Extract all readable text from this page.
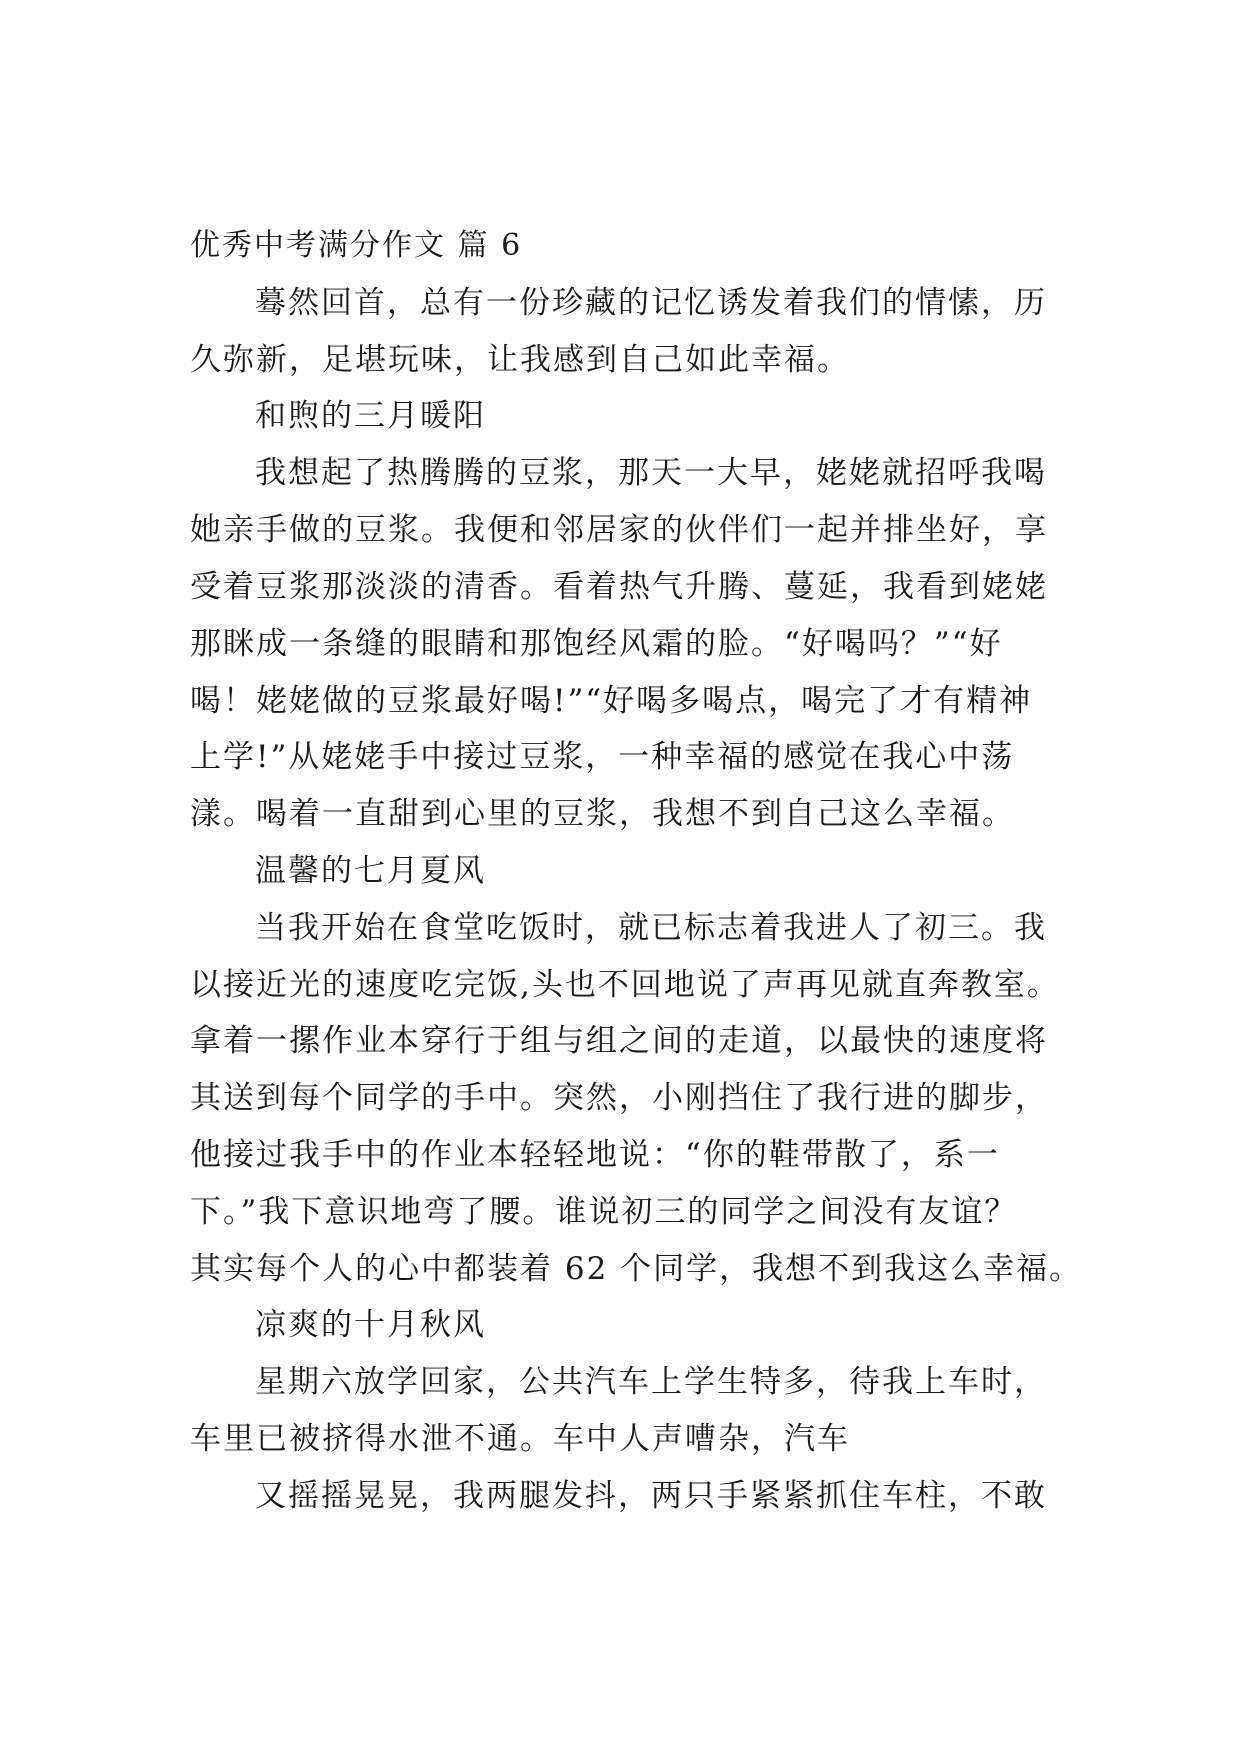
优秀中考满分作文 篇 6
蓦然回首，总有一份珍藏的记忆诱发着我们的情愫，历
久弥新，足堪玩味，让我感到自己如此幸福。
和煦的三月暖阳
我想起了热腾腾的豆浆，那天一大早，姥姥就招呼我喝
她亲手做的豆浆。我便和邻居家的伙伴们一起并排坐好，享
受着豆浆那淡淡的清香。看着热气升腾、蔓延，我看到姥姥
那眯成一条缝的眼睛和那饱经风霜的脸。“好喝吗？”“好
喝！姥姥做的豆浆最好喝!”“好喝多喝点，喝完了才有精神
上学!”从姥姥手中接过豆浆，一种幸福的感觉在我心中荡
漾。喝着一直甜到心里的豆浆，我想不到自己这么幸福。
温馨的七月夏风
当我开始在食堂吃饭时，就已标志着我进人了初三。我
以接近光的速度吃完饭,头也不回地说了声再见就直奔教室。
拿着一摞作业本穿行于组与组之间的走道，以最快的速度将
其送到每个同学的手中。突然，小刚挡住了我行进的脚步，
他接过我手中的作业本轻轻地说：“你的鞋带散了，系一
下。”我下意识地弯了腰。谁说初三的同学之间没有友谊？
其实每个人的心中都装着 62 个同学，我想不到我这么幸福。
凉爽的十月秋风
星期六放学回家，公共汽车上学生特多，待我上车时，
车里已被挤得水泄不通。车中人声嘈杂，汽车
又摇摇晃晃，我两腿发抖，两只手紧紧抓住车柱，不敢
